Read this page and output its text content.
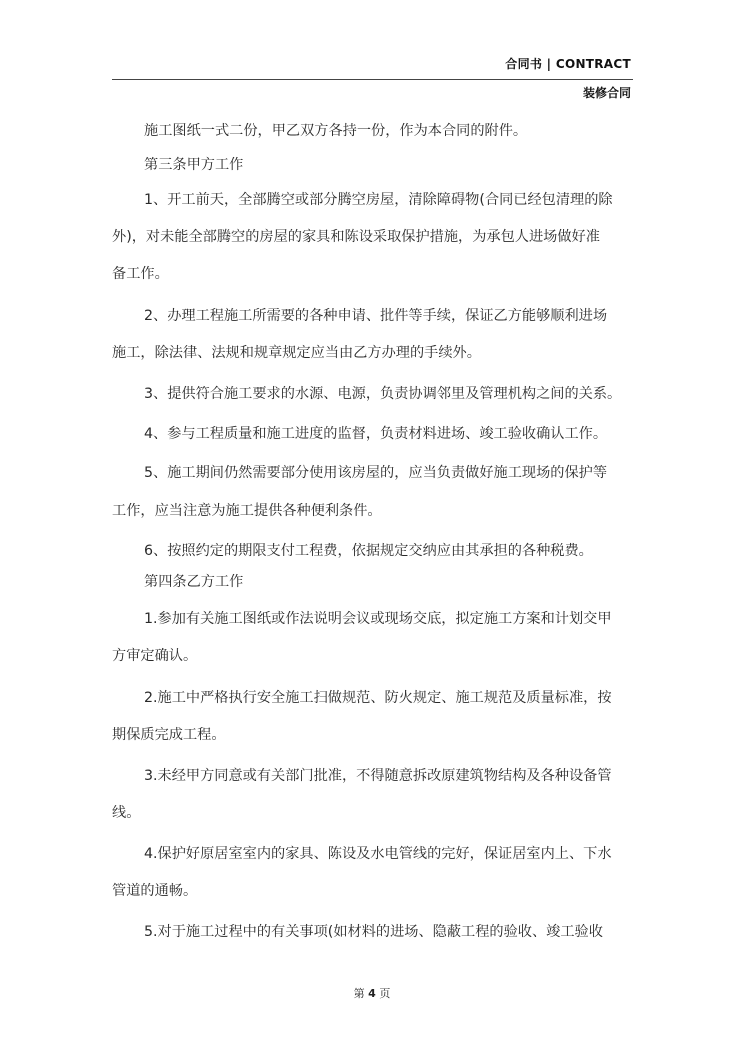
合同书 | CONTRACT
装修合同
施工图纸一式二份，甲乙双方各持一份，作为本合同的附件。
第三条甲方工作
1、开工前天，全部腾空或部分腾空房屋，清除障碍物(合同已经包清理的除
外)，对未能全部腾空的房屋的家具和陈设采取保护措施，为承包人进场做好准
备工作。
2、办理工程施工所需要的各种申请、批件等手续，保证乙方能够顺利进场
施工，除法律、法规和规章规定应当由乙方办理的手续外。
3、提供符合施工要求的水源、电源，负责协调邻里及管理机构之间的关系。
4、参与工程质量和施工进度的监督，负责材料进场、竣工验收确认工作。
5、施工期间仍然需要部分使用该房屋的，应当负责做好施工现场的保护等
工作，应当注意为施工提供各种便利条件。
6、按照约定的期限支付工程费，依据规定交纳应由其承担的各种税费。
第四条乙方工作
1.参加有关施工图纸或作法说明会议或现场交底，拟定施工方案和计划交甲
方审定确认。
2.施工中严格执行安全施工扫做规范、防火规定、施工规范及质量标准，按
期保质完成工程。
3.未经甲方同意或有关部门批准，不得随意拆改原建筑物结构及各种设备管
线。
4.保护好原居室室内的家具、陈设及水电管线的完好，保证居室内上、下水
管道的通畅。
5.对于施工过程中的有关事项(如材料的进场、隐蔽工程的验收、竣工验收
第 4 页
